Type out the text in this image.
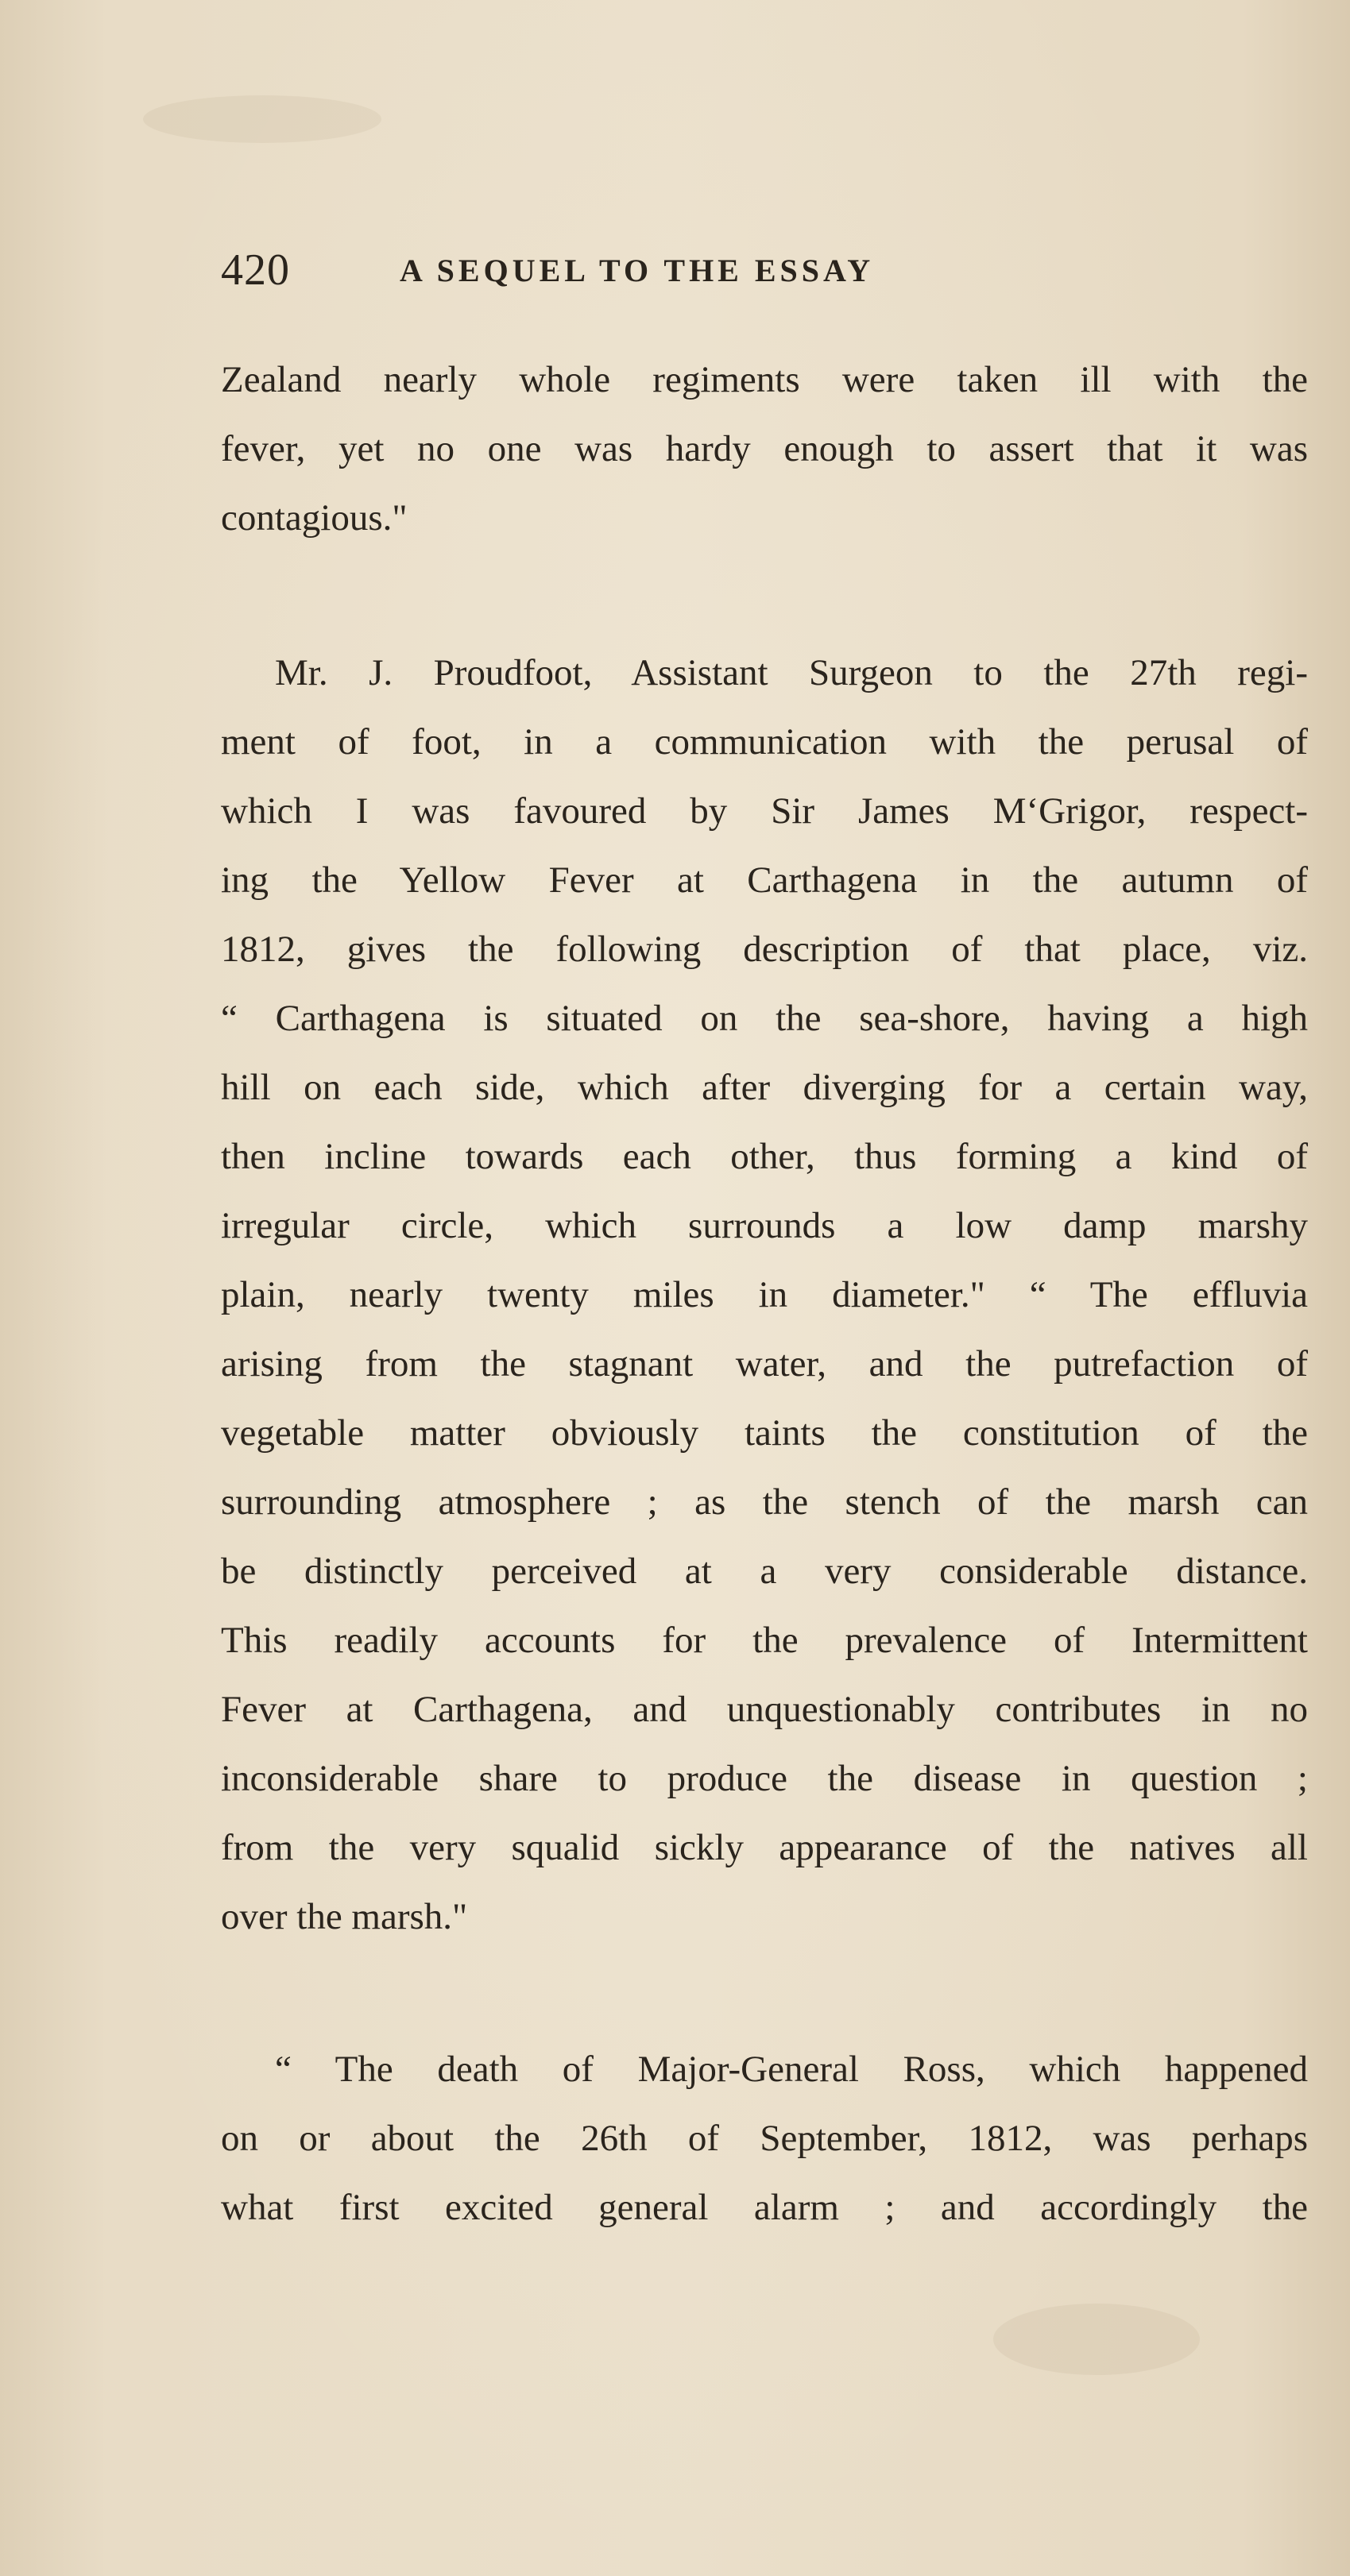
420	A SEQUEL TO THE ESSAY
Zealand nearly whole regiments were taken ill with the
fever, yet no one was hardy enough to assert that it was
contagious."
Mr. J. Proudfoot, Assistant Surgeon to the 27th regi-
ment of foot, in a communication with the perusal of
which I was favoured by Sir James M‘Grigor, respect-
ing the Yellow Fever at Carthagena in the autumn of
1812, gives the following description of that place, viz.
“ Carthagena is situated on the sea-shore, having a high
hill on each side, which after diverging for a certain way,
then incline towards each other, thus forming a kind of
irregular circle, which surrounds a low damp marshy
plain, nearly twenty miles in diameter." “ The effluvia
arising from the stagnant water, and the putrefaction of
vegetable matter obviously taints the constitution of the
surrounding atmosphere ; as the stench of the marsh can
be distinctly perceived at a very considerable distance.
This readily accounts for the prevalence of Intermittent
Fever at Carthagena, and unquestionably contributes in no
inconsiderable share to produce the disease in question ;
from the very squalid sickly appearance of the natives all
over the marsh."
“ The death of Major-General Ross, which happened
on or about the 26th of September, 1812, was perhaps
what first excited general alarm ; and accordingly the
